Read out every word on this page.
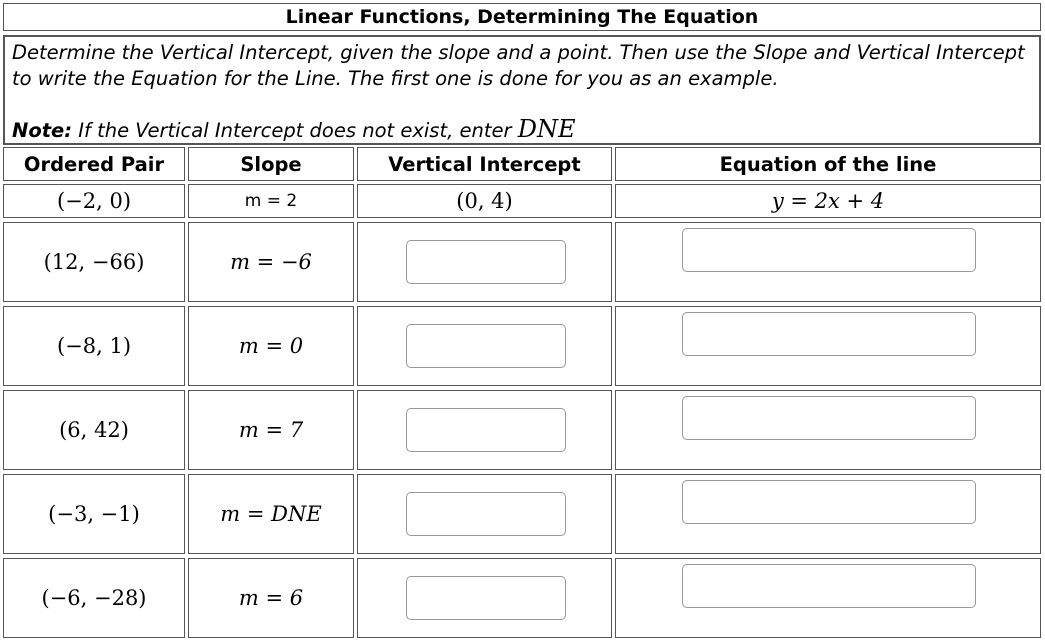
Linear Functions, Determining The Equation
Determine the Vertical Intercept, given the slope and a point. Then use the Slope and Vertical Intercept
to write the Equation for the Line. The first one is done for you as an example.
Note: If the Vertical Intercept does not exist, enter DNE
Ordered Pair	Slope	Vertical Intercept	Equation of the line
(−2, 0)	m = 2	(0, 4)	y = 2x + 4
(12, −66)	m = −6
(−8, 1)	m = 0
(6, 42)	m = 7
(−3, −1)	m = DNE
(−6, −28)	m = 6
